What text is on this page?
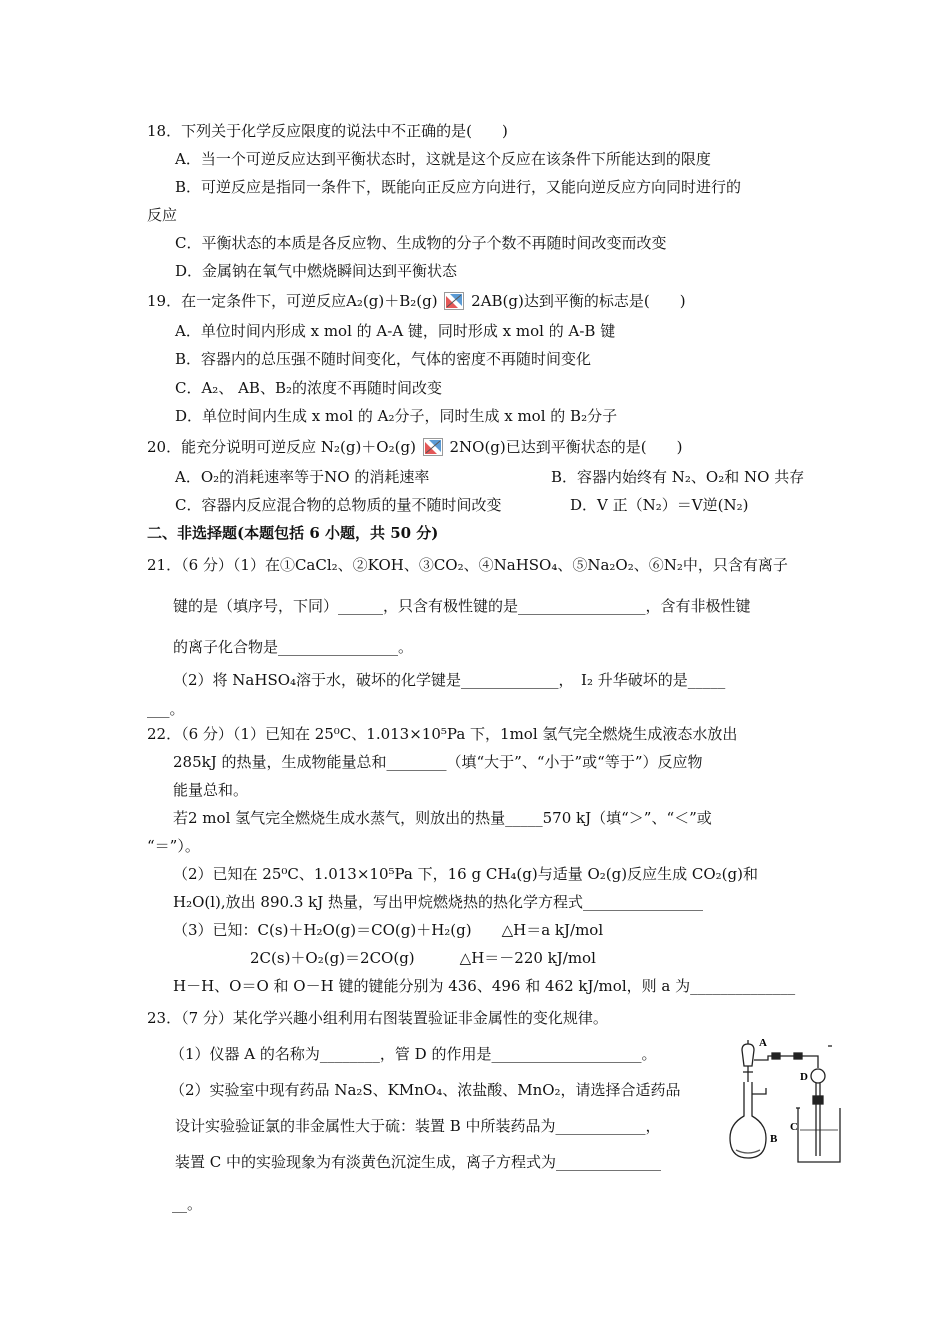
18．下列关于化学反应限度的说法中不正确的是(　　)
A．当一个可逆反应达到平衡状态时，这就是这个反应在该条件下所能达到的限度
B．可逆反应是指同一条件下，既能向正反应方向进行，又能向逆反应方向同时进行的
反应
C．平衡状态的本质是各反应物、生成物的分子个数不再随时间改变而改变
D．金属钠在氧气中燃烧瞬间达到平衡状态
19．在一定条件下，可逆反应A₂(g)＋B₂(g) 2AB(g)达到平衡的标志是(　　)
A．单位时间内形成 x mol 的 A-A 键，同时形成 x mol 的 A-B 键
B．容器内的总压强不随时间变化，气体的密度不再随时间变化
C．A₂、 AB、B₂的浓度不再随时间改变
D．单位时间内生成 x mol 的 A₂分子，同时生成 x mol 的 B₂分子
20．能充分说明可逆反应 N₂(g)＋O₂(g) 2NO(g)已达到平衡状态的是(　　)
A．O₂的消耗速率等于NO 的消耗速率	B．容器内始终有 N₂、O₂和 NO 共存
C．容器内反应混合物的总物质的量不随时间改变	D．V 正（N₂）＝V逆(N₂)
二、非选择题(本题包括 6 小题，共 50 分)
21．（6 分）（1）在①CaCl₂、②KOH、③CO₂、④NaHSO₄、⑤Na₂O₂、⑥N₂中，只含有离子
键的是（填序号，下同）______，只含有极性键的是_________________，含有非极性键
的离子化合物是________________。
（2）将 NaHSO₄溶于水，破坏的化学键是_____________，　I₂ 升华破坏的是_____
___。
22．（6 分）（1）已知在 25⁰C、1.013×10⁵Pa 下，1mol 氢气完全燃烧生成液态水放出
285kJ 的热量，生成物能量总和________（填“大于”、“小于”或“等于”）反应物
能量总和。
若2 mol 氢气完全燃烧生成水蒸气，则放出的热量_____570 kJ（填“＞”、“＜”或
“＝”）。
（2）已知在 25⁰C、1.013×10⁵Pa 下，16 g CH₄(g)与适量 O₂(g)反应生成 CO₂(g)和
H₂O(l),放出 890.3 kJ 热量，写出甲烷燃烧热的热化学方程式________________
（3）已知：C(s)＋H₂O(g)＝CO(g)＋H₂(g)　　△H＝a kJ/mol
2C(s)＋O₂(g)＝2CO(g)　　　△H＝－220 kJ/mol
H－H、O＝O 和 O－H 键的键能分别为 436、496 和 462 kJ/mol，则 a 为______________
23．（7 分）某化学兴趣小组利用右图装置验证非金属性的变化规律。
（1）仪器 A 的名称为________，管 D 的作用是____________________。
（2）实验室中现有药品 Na₂S、KMnO₄、浓盐酸、MnO₂，请选择合适药品
设计实验验证氯的非金属性大于硫：装置 B 中所装药品为____________，
装置 C 中的实验现象为有淡黄色沉淀生成，离子方程式为______________
__。
A
B
C
D
